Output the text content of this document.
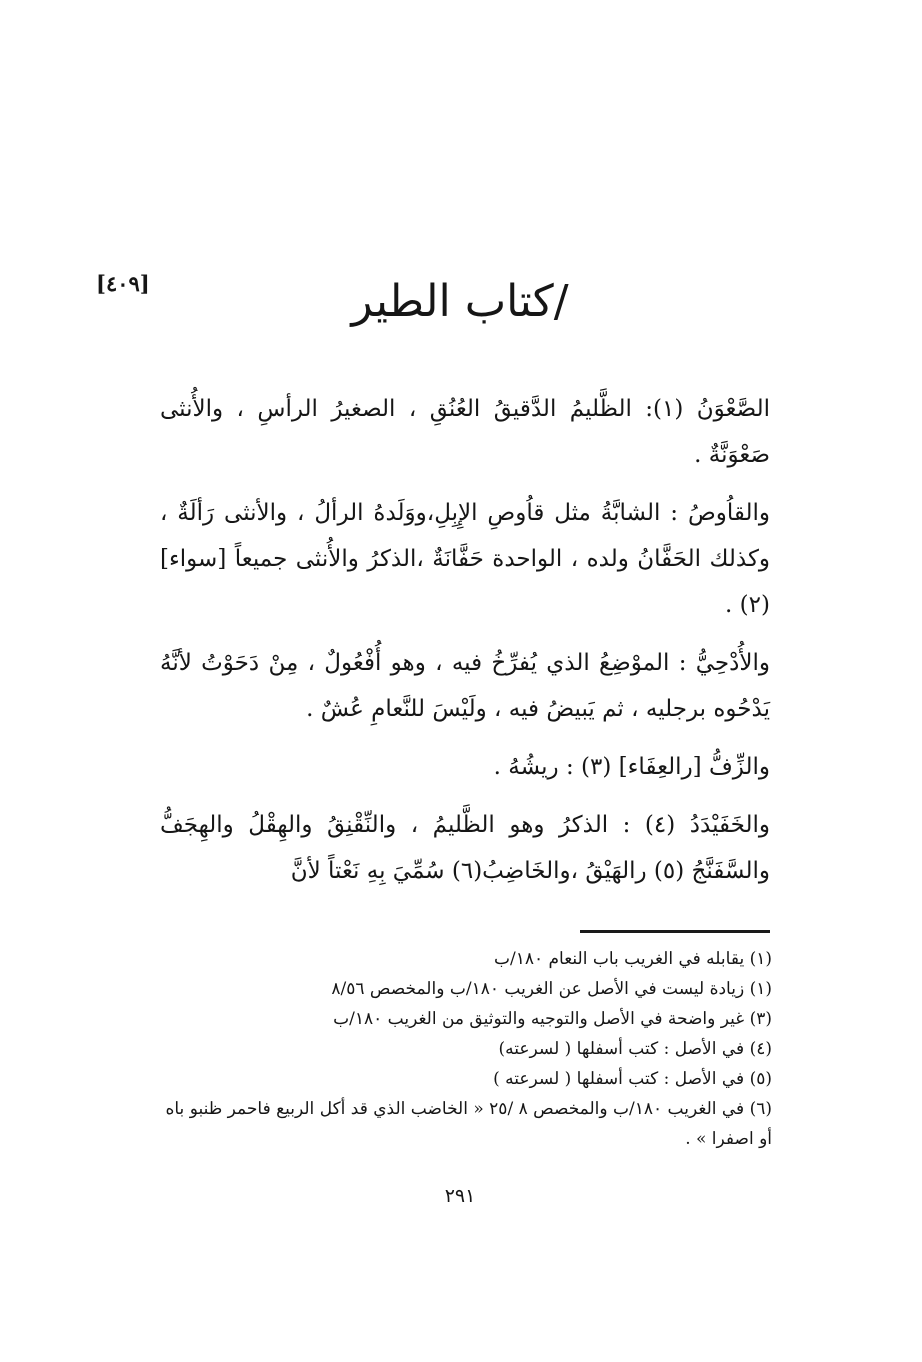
[٤٠٩]	/كتاب الطير

الصَّعْوَنُ (١): الظَّليمُ الدَّقيقُ العُنُقِ ، الصغيرُ الرأسِ ، والأُنثى صَعْوَنَّةٌ .

والقاُوصُ : الشابَّةُ مثل قاُوصِ الإِبِلِ،ووَلَدهُ الرألُ ، والأنثى رَألَةٌ ، وكذلك الحَفَّانُ ولده ، الواحدة حَفَّانَةٌ ،الذكرُ والأُنثى جميعاً [سواء] (٢) .

والأُدْحِيُّ : الموْضِعُ الذي يُفرِّخُ فيه ، وهو أُفْعُولٌ ، مِنْ دَحَوْتُ لأنَّهُ يَدْحُوه برجليه ، ثم يَبيضُ فيه ، ولَيْسَ للنَّعامِ عُشٌ .

والزِّفُّ [رالعِفَاء] (٣) : ريشُهُ .

والخَفَيْدَدُ (٤) : الذكرُ وهو الظَّليمُ ، والنِّقْنِقُ والهِقْلُ والهِجَفُّ والسَّفَنَّجُ (٥) رالهَيْقُ ،والخَاضِبُ(٦) سُمِّيَ بِهِ نَعْتاً لأنَّ

(١) يقابله في الغريب باب النعام ١٨٠/ب

(١) زيادة ليست في الأصل عن الغريب ١٨٠/ب والمخصص ٨/٥٦

(٣) غير واضحة في الأصل والتوجيه والتوثيق من الغريب ١٨٠/ب

(٤) في الأصل : كتب أسفلها ( لسرعته)

(٥) في الأصل : كتب أسفلها ( لسرعته )

(٦) في الغريب ١٨٠/ب والمخصص ٨ /٢٥ « الخاضب الذي قد أكل الربيع فاحمر ظنبو باه أو اصفرا » .

٢٩١
